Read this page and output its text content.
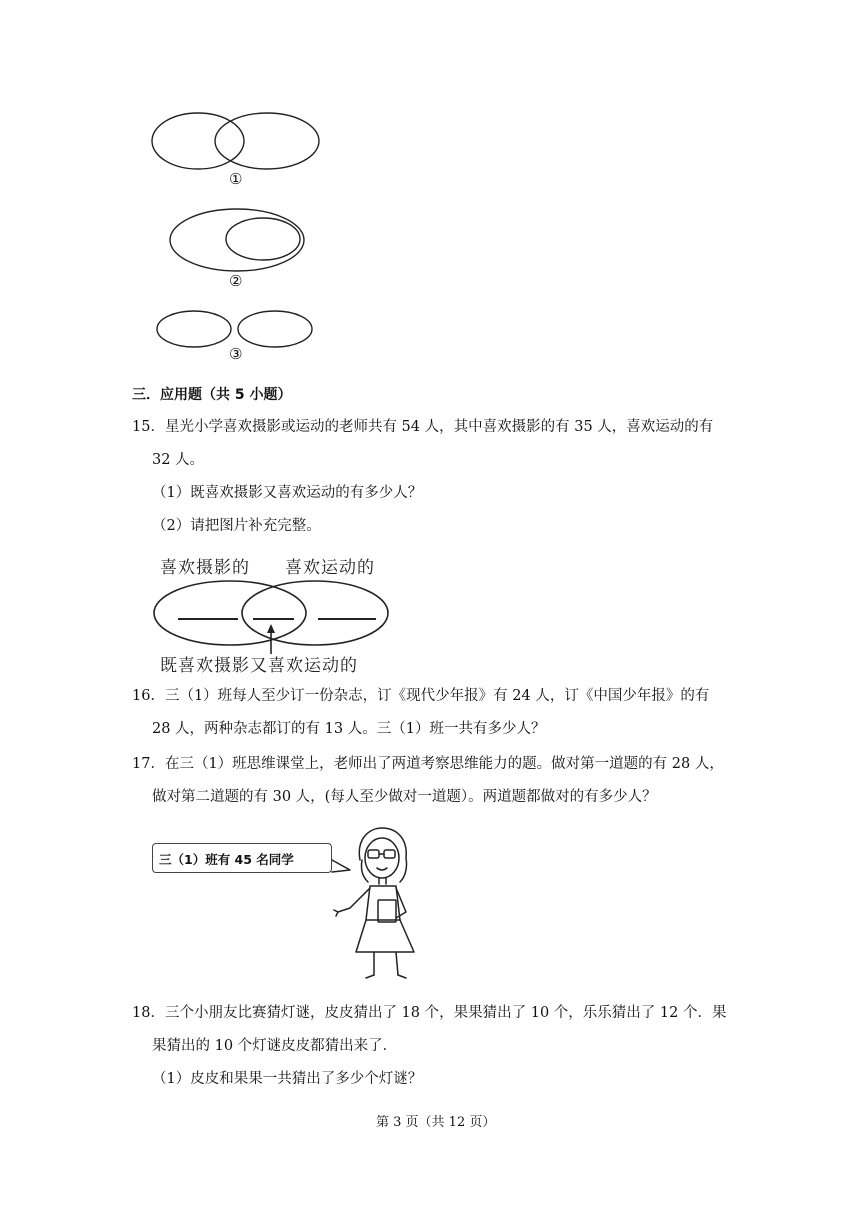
①
②
③
三．应用题（共 5 小题）
15．星光小学喜欢摄影或运动的老师共有 54 人，其中喜欢摄影的有 35 人，喜欢运动的有
32 人。
（1）既喜欢摄影又喜欢运动的有多少人？
（2）请把图片补充完整。
喜欢摄影的 喜欢运动的
既喜欢摄影又喜欢运动的
16．三（1）班每人至少订一份杂志，订《现代少年报》有 24 人，订《中国少年报》的有
28 人，两种杂志都订的有 13 人。三（1）班一共有多少人？
17．在三（1）班思维课堂上，老师出了两道考察思维能力的题。做对第一道题的有 28 人，
做对第二道题的有 30 人，(每人至少做对一道题）。两道题都做对的有多少人？
三（1）班有 45 名同学
18．三个小朋友比赛猜灯谜，皮皮猜出了 18 个，果果猜出了 10 个，乐乐猜出了 12 个．果
果猜出的 10 个灯谜皮皮都猜出来了．
（1）皮皮和果果一共猜出了多少个灯谜？
第 3 页（共 12 页）
